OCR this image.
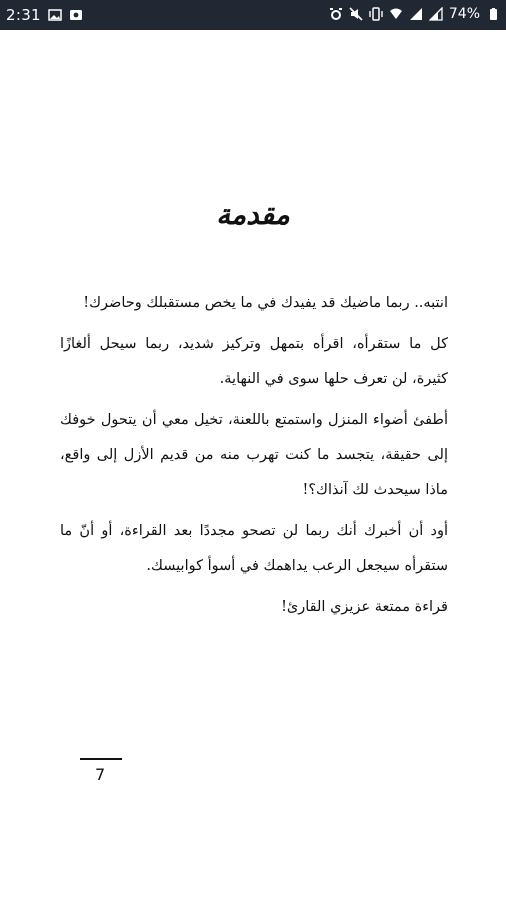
2:31	74%
مقدمة

انتبه.. ربما ماضيك قد يفيدك في ما يخص مستقبلك وحاضرك!

كل ما ستقرأه، اقرأه بتمهل وتركيز شديد، ربما سيحل ألغازًا كثيرة، لن تعرف حلها سوى في النهاية.

أطفئ أضواء المنزل واستمتع باللعنة، تخيل معي أن يتحول خوفك إلى حقيقة، يتجسد ما كنت تهرب منه من قديم الأزل إلى واقع، ماذا سيحدث لك آنذاك؟!

أود أن أخبرك أنك ربما لن تصحو مجددًا بعد القراءة، أو أنّ ما ستقرأه سيجعل الرعب يداهمك في أسوأ كوابيسك.

قراءة ممتعة عزيزي القارئ!

7
